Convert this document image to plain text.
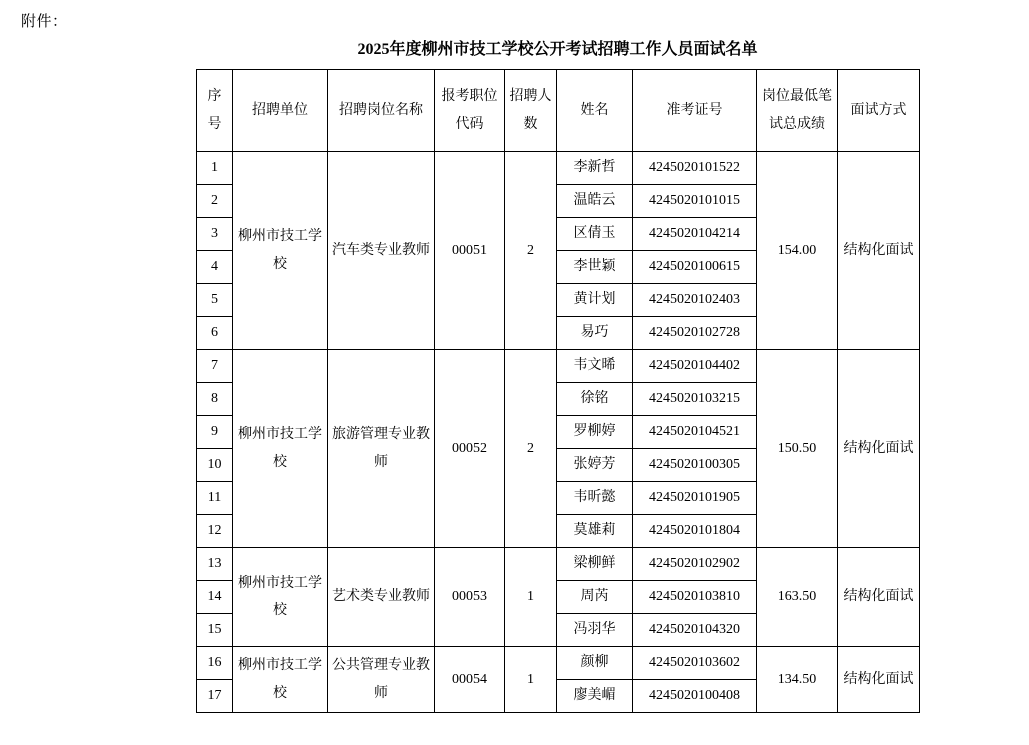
附件：
2025年度柳州市技工学校公开考试招聘工作人员面试名单
序号	招聘单位	招聘岗位名称	报考职位代码	招聘人数	姓名	准考证号	岗位最低笔试总成绩	面试方式
1	柳州市技工学校	汽车类专业教师	00051	2	李新哲	4245020101522	154.00	结构化面试
2					温皓云	4245020101015		
3					区倩玉	4245020104214		
4					李世颖	4245020100615		
5					黄计划	4245020102403		
6					易巧	4245020102728		
7	柳州市技工学校	旅游管理专业教师	00052	2	韦文晞	4245020104402	150.50	结构化面试
8					徐铭	4245020103215		
9					罗柳婷	4245020104521		
10					张婷芳	4245020100305		
11					韦昕懿	4245020101905		
12					莫雄莉	4245020101804		
13	柳州市技工学校	艺术类专业教师	00053	1	梁柳鲜	4245020102902	163.50	结构化面试
14					周芮	4245020103810		
15					冯羽华	4245020104320		
16	柳州市技工学校	公共管理专业教师	00054	1	颜柳	4245020103602	134.50	结构化面试
17					廖美嵋	4245020100408		
